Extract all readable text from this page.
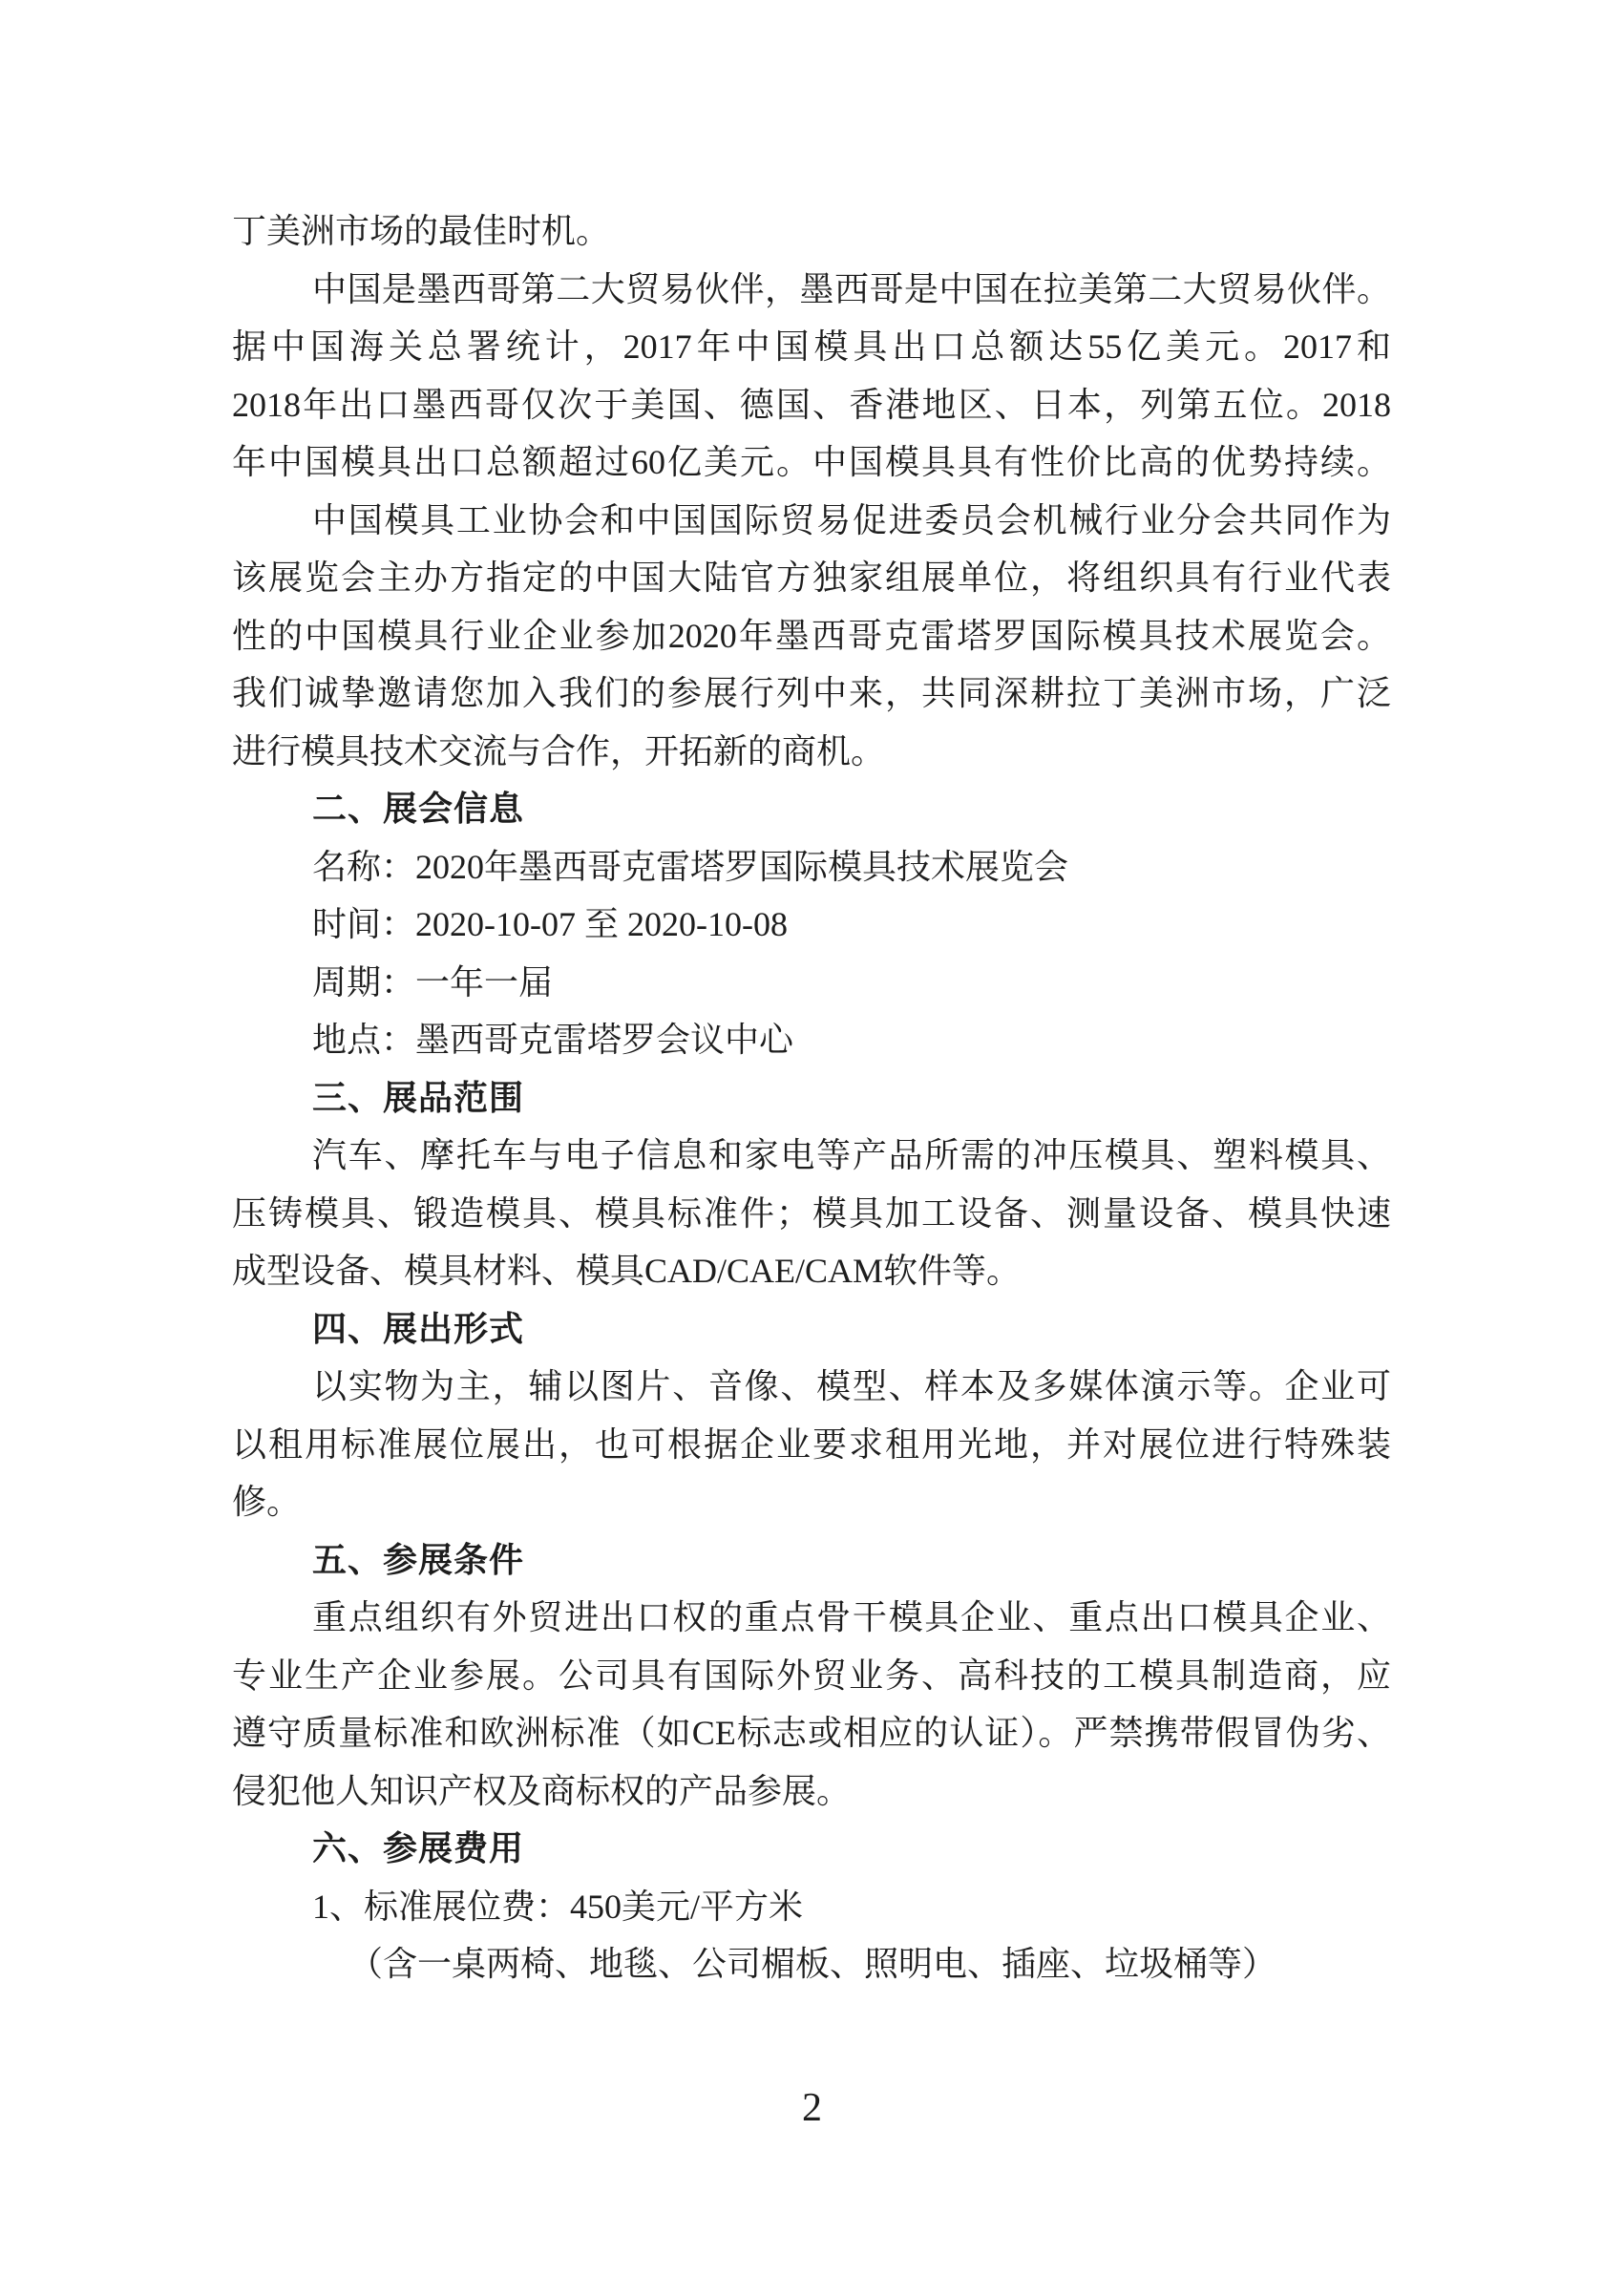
丁美洲市场的最佳时机。
中国是墨西哥第二大贸易伙伴，墨西哥是中国在拉美第二大贸易伙伴。
据中国海关总署统计，2017年中国模具出口总额达55亿美元。2017和
2018年出口墨西哥仅次于美国、德国、香港地区、日本，列第五位。2018
年中国模具出口总额超过60亿美元。中国模具具有性价比高的优势持续。
中国模具工业协会和中国国际贸易促进委员会机械行业分会共同作为
该展览会主办方指定的中国大陆官方独家组展单位，将组织具有行业代表
性的中国模具行业企业参加2020年墨西哥克雷塔罗国际模具技术展览会。
我们诚挚邀请您加入我们的参展行列中来，共同深耕拉丁美洲市场，广泛
进行模具技术交流与合作，开拓新的商机。
二、展会信息
名称：2020年墨西哥克雷塔罗国际模具技术展览会
时间：2020-10-07 至 2020-10-08
周期：一年一届
地点：墨西哥克雷塔罗会议中心
三、展品范围
汽车、摩托车与电子信息和家电等产品所需的冲压模具、塑料模具、
压铸模具、锻造模具、模具标准件；模具加工设备、测量设备、模具快速
成型设备、模具材料、模具CAD/CAE/CAM软件等。
四、展出形式
以实物为主，辅以图片、音像、模型、样本及多媒体演示等。企业可
以租用标准展位展出，也可根据企业要求租用光地，并对展位进行特殊装
修。
五、参展条件
重点组织有外贸进出口权的重点骨干模具企业、重点出口模具企业、
专业生产企业参展。公司具有国际外贸业务、高科技的工模具制造商，应
遵守质量标准和欧洲标准（如CE标志或相应的认证）。严禁携带假冒伪劣、
侵犯他人知识产权及商标权的产品参展。
六、参展费用
1、标准展位费：450美元/平方米
（含一桌两椅、地毯、公司楣板、照明电、插座、垃圾桶等）
2
